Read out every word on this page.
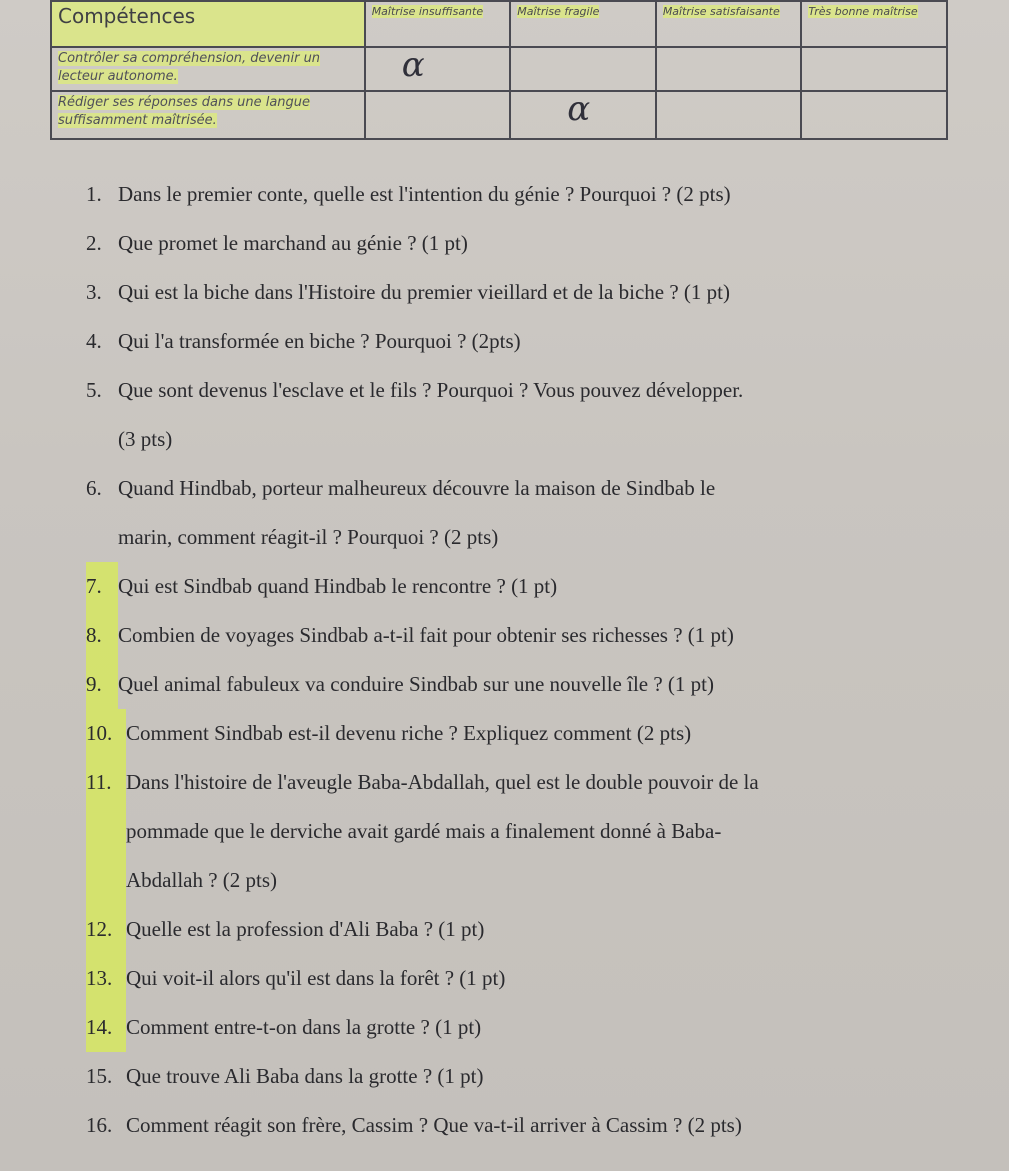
Compétences	Maîtrise insuffisante	Maîtrise fragile	Maîtrise satisfaisante	Très bonne maîtrise
Contrôler sa compréhension, devenir un lecteur autonome.	ɑ			

Rédiger ses réponses dans une langue suffisamment maîtrisée.		ɑ		

1. Dans le premier conte, quelle est l'intention du génie ? Pourquoi ? (2 pts)
2. Que promet le marchand au génie ? (1 pt)
3. Qui est la biche dans l'Histoire du premier vieillard et de la biche ? (1 pt)
4. Qui l'a transformée en biche ? Pourquoi ? (2pts)
5. Que sont devenus l'esclave et le fils ? Pourquoi ? Vous pouvez développer.
(3 pts)
6. Quand Hindbab, porteur malheureux découvre la maison de Sindbab le
marin, comment réagit-il ? Pourquoi ? (2 pts)
7. Qui est Sindbab quand Hindbab le rencontre ? (1 pt)
8. Combien de voyages Sindbab a-t-il fait pour obtenir ses richesses ? (1 pt)
9. Quel animal fabuleux va conduire Sindbab sur une nouvelle île ? (1 pt)
10. Comment Sindbab est-il devenu riche ? Expliquez comment (2 pts)
11. Dans l'histoire de l'aveugle Baba-Abdallah, quel est le double pouvoir de la
pommade que le derviche avait gardé mais a finalement donné à Baba-
Abdallah ? (2 pts)
12. Quelle est la profession d'Ali Baba ? (1 pt)
13. Qui voit-il alors qu'il est dans la forêt ? (1 pt)
14. Comment entre-t-on dans la grotte ? (1 pt)
15. Que trouve Ali Baba dans la grotte ? (1 pt)
16. Comment réagit son frère, Cassim ? Que va-t-il arriver à Cassim ? (2 pts)
